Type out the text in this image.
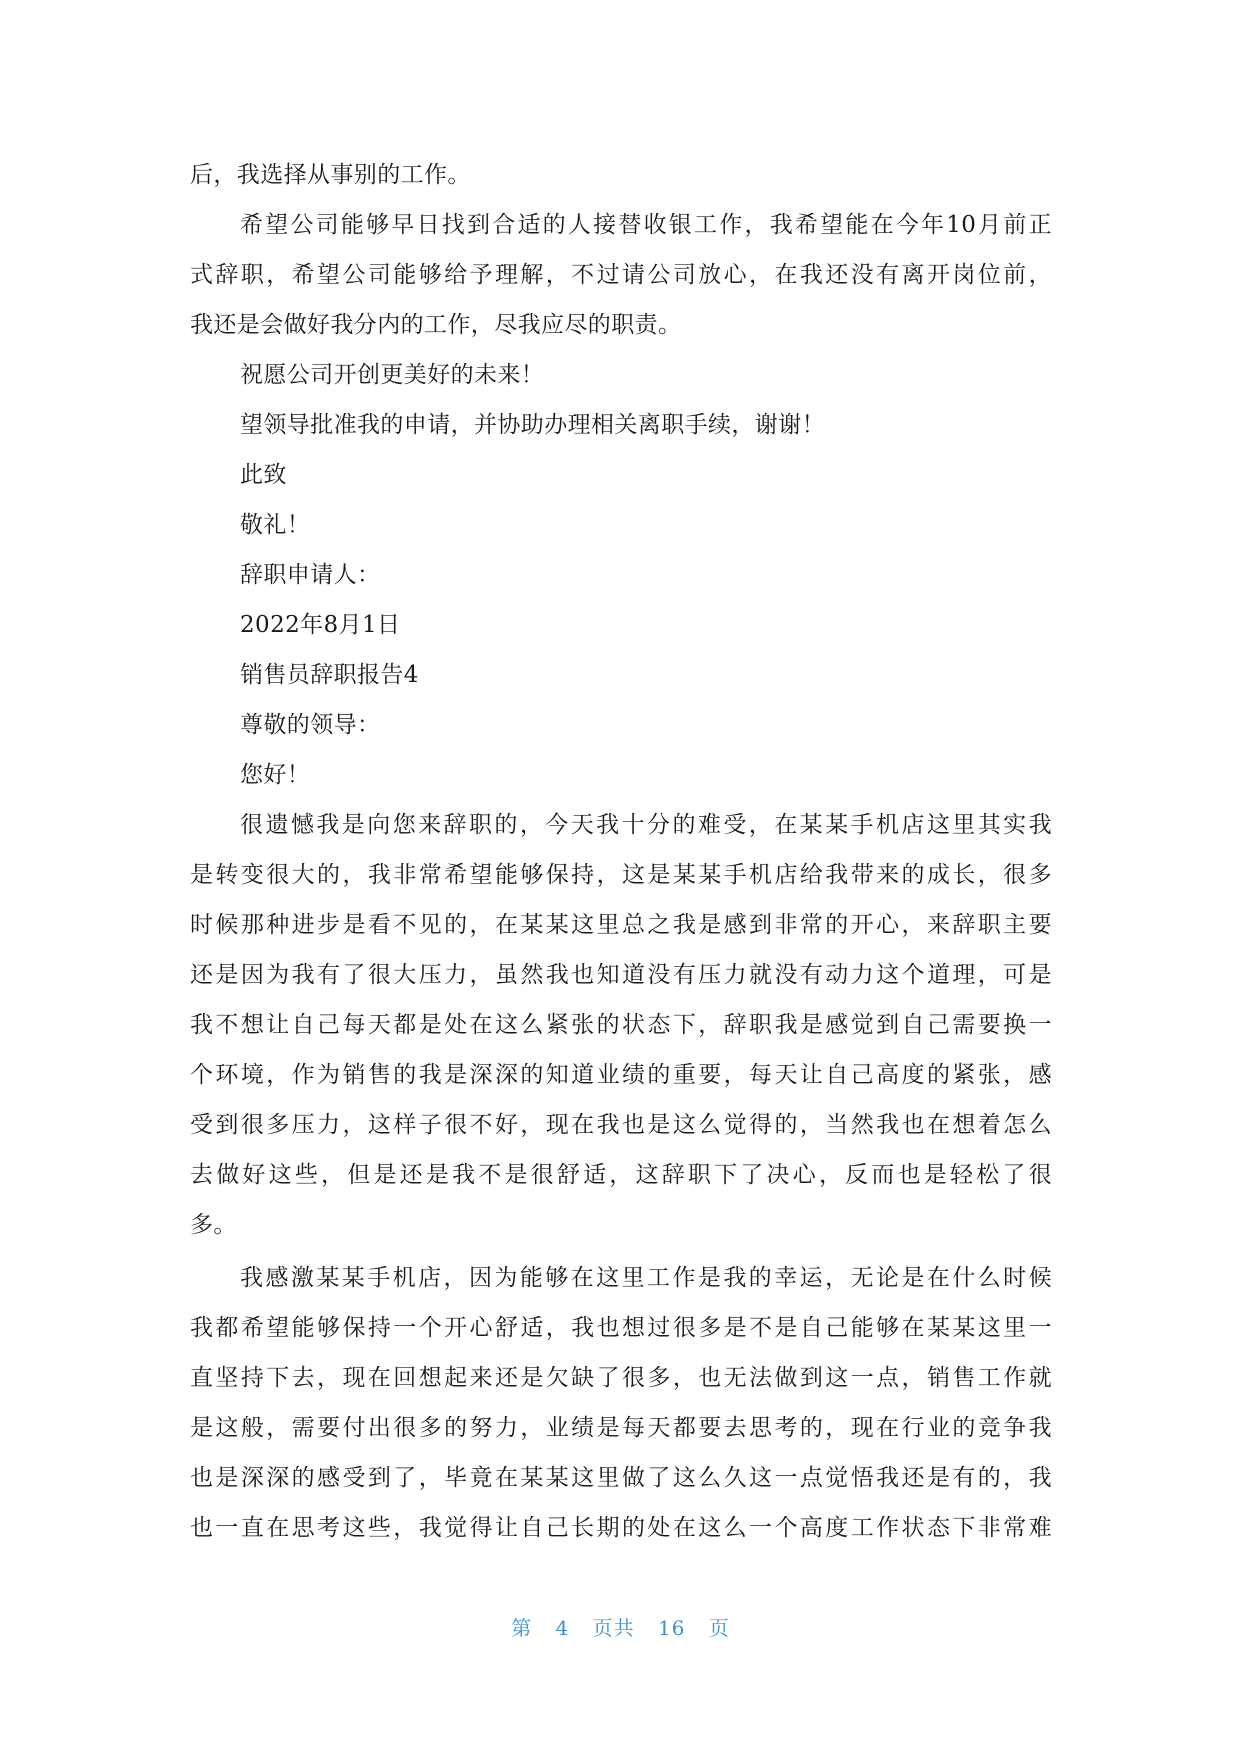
后，我选择从事别的工作。
希望公司能够早日找到合适的人接替收银工作，我希望能在今年10月前正
式辞职，希望公司能够给予理解，不过请公司放心，在我还没有离开岗位前，
我还是会做好我分内的工作，尽我应尽的职责。
祝愿公司开创更美好的未来！
望领导批准我的申请，并协助办理相关离职手续，谢谢！
此致
敬礼！
辞职申请人：
2022年8月1日
销售员辞职报告4
尊敬的领导：
您好！
很遗憾我是向您来辞职的，今天我十分的难受，在某某手机店这里其实我
是转变很大的，我非常希望能够保持，这是某某手机店给我带来的成长，很多
时候那种进步是看不见的，在某某这里总之我是感到非常的开心，来辞职主要
还是因为我有了很大压力，虽然我也知道没有压力就没有动力这个道理，可是
我不想让自己每天都是处在这么紧张的状态下，辞职我是感觉到自己需要换一
个环境，作为销售的我是深深的知道业绩的重要，每天让自己高度的紧张，感
受到很多压力，这样子很不好，现在我也是这么觉得的，当然我也在想着怎么
去做好这些，但是还是我不是很舒适，这辞职下了决心，反而也是轻松了很
多。
我感激某某手机店，因为能够在这里工作是我的幸运，无论是在什么时候
我都希望能够保持一个开心舒适，我也想过很多是不是自己能够在某某这里一
直坚持下去，现在回想起来还是欠缺了很多，也无法做到这一点，销售工作就
是这般，需要付出很多的努力，业绩是每天都要去思考的，现在行业的竞争我
也是深深的感受到了，毕竟在某某这里做了这么久这一点觉悟我还是有的，我
也一直在思考这些，我觉得让自己长期的处在这么一个高度工作状态下非常难
第 4 页共 16 页
